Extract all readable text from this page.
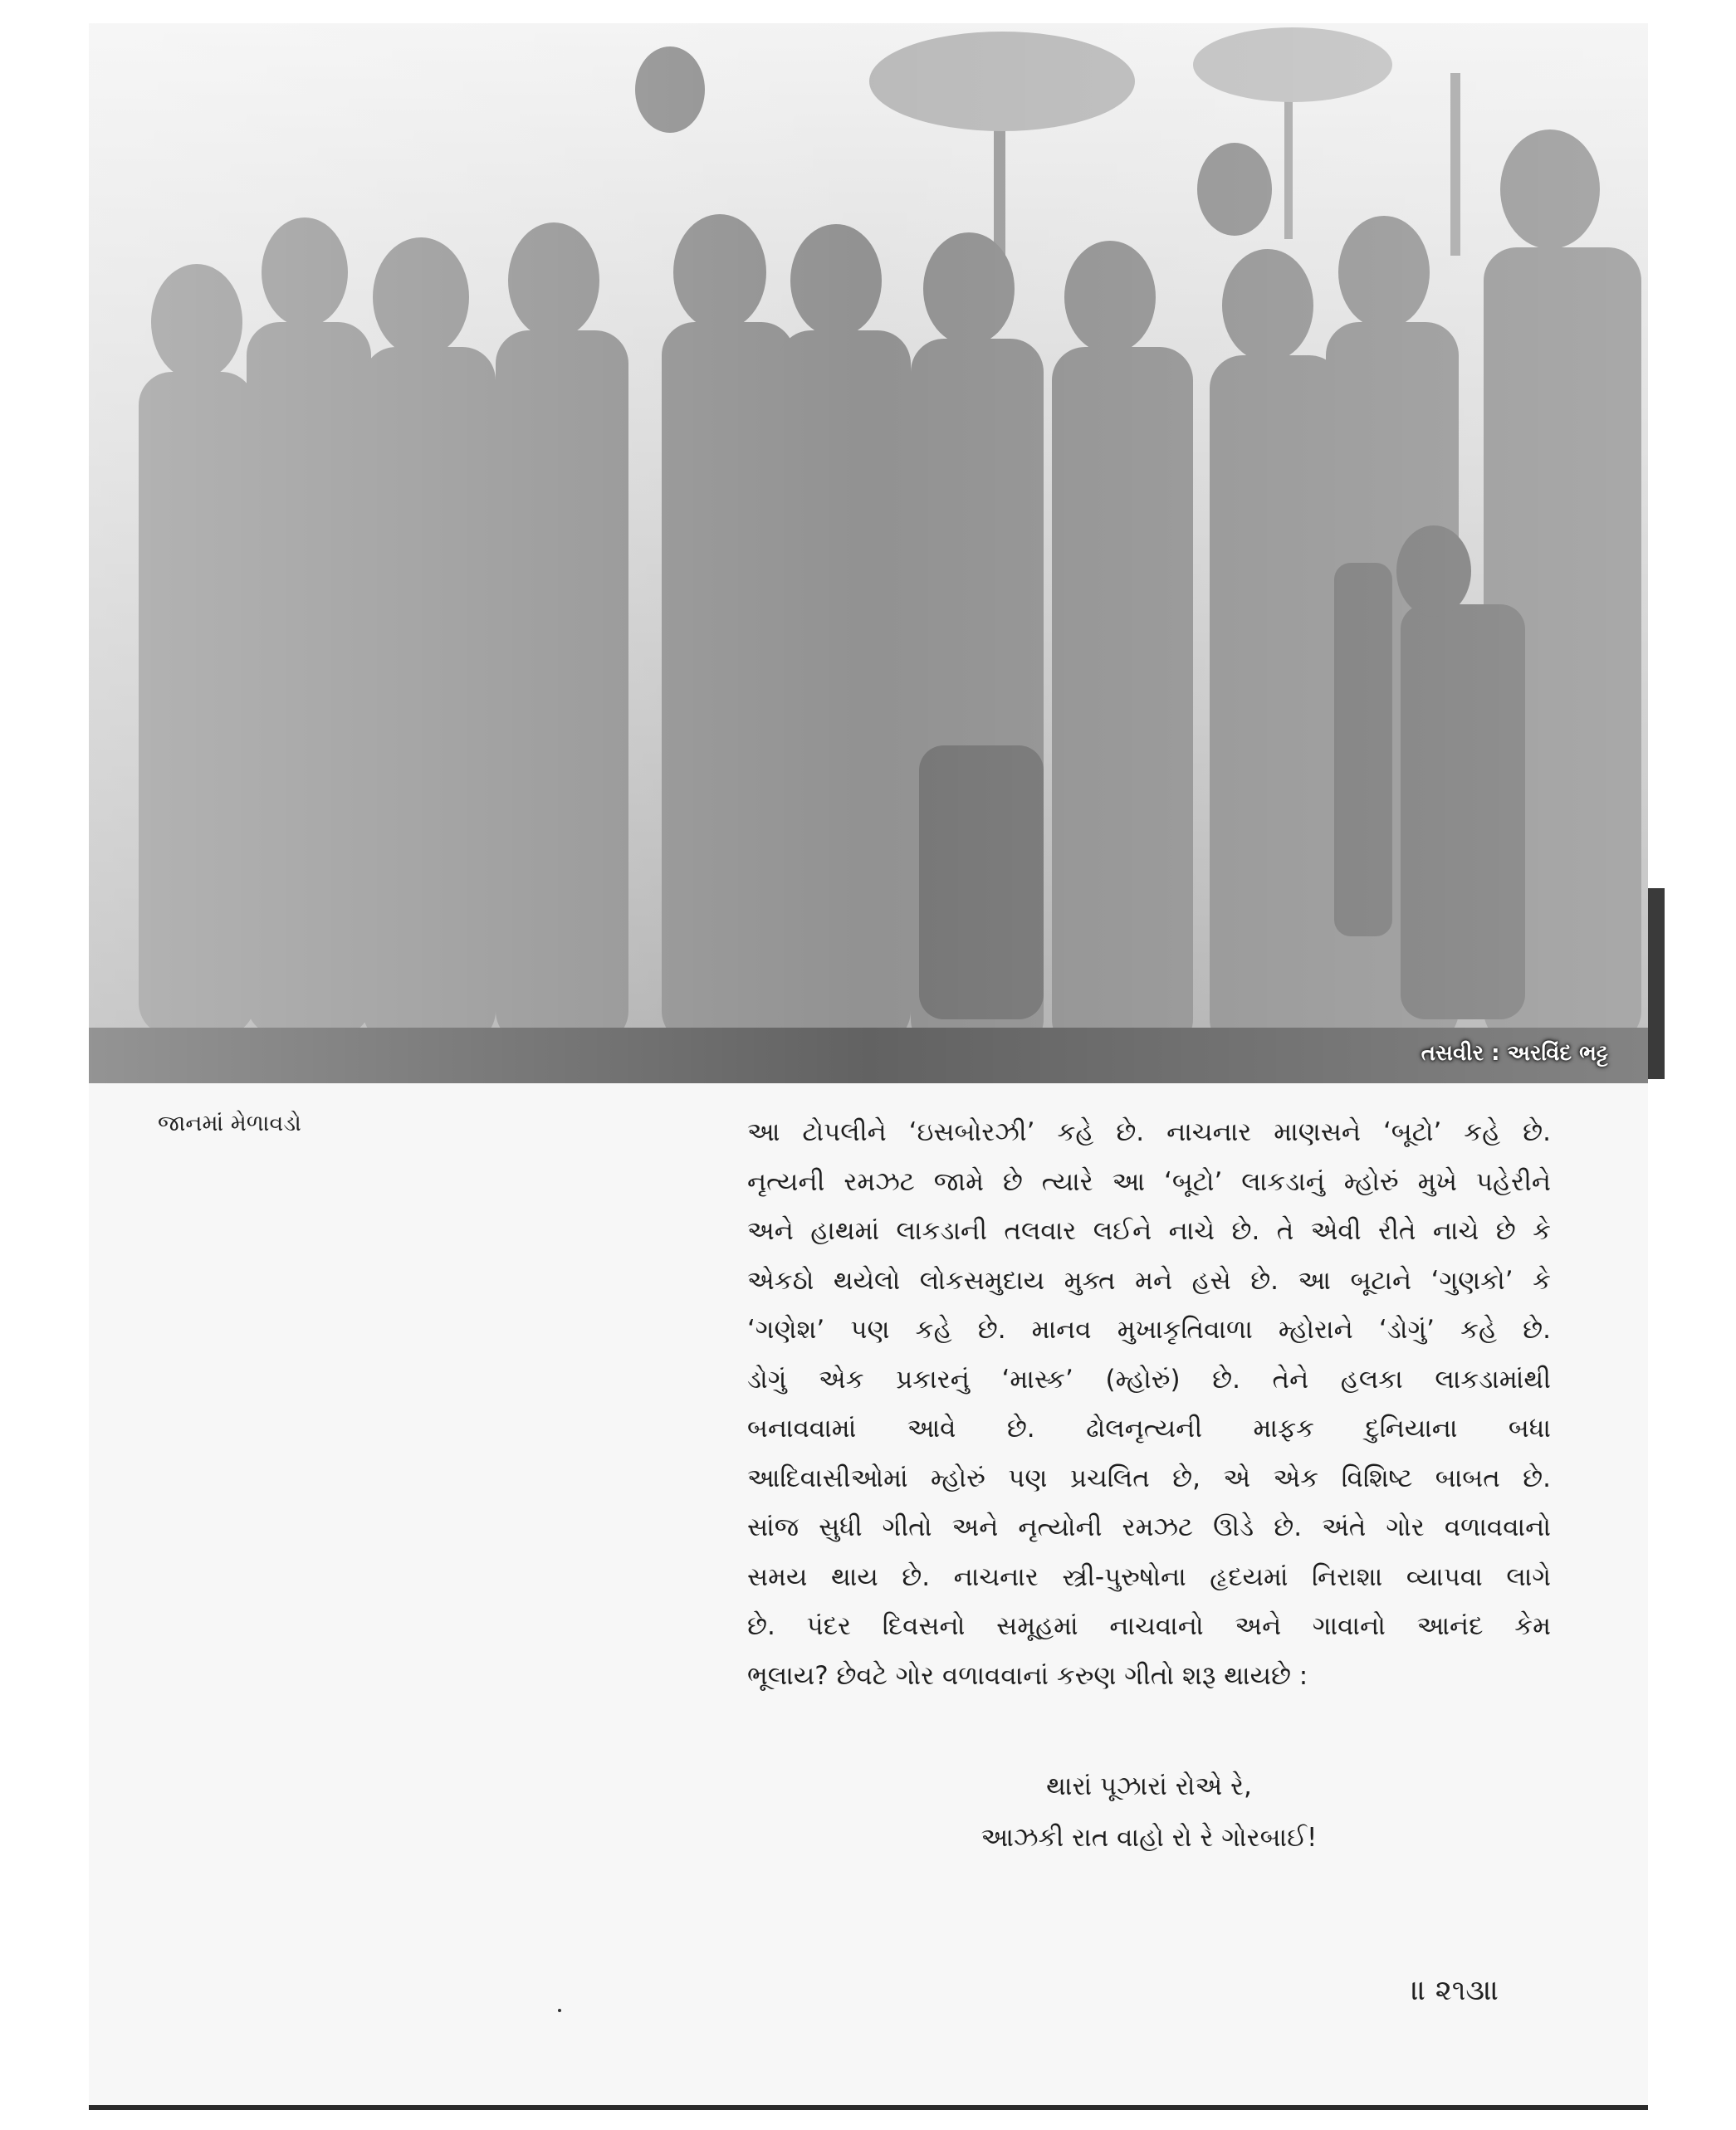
તસવીર : અરવિંદ ભટ્ટ
જાનમાં મેળાવડો	આ ટોપલીને ‘ઇસબોરઝી’ કહે છે. નાચનાર માણસને ‘બૂટો’ કહે છે.
નૃત્યની રમઝટ જામે છે ત્યારે આ ‘બૂટો’ લાકડાનું મ્હોરું મુખે પહેરીને
અને હાથમાં લાકડાની તલવાર લઈને નાચે છે. તે એવી રીતે નાચે છે કે
એકઠો થયેલો લોકસમુદાય મુક્ત મને હસે છે. આ બૂટાને ‘ગુણકો’ કે
‘ગણેશ’ પણ કહે છે. માનવ મુખાકૃતિવાળા મ્હોરાને ‘ડોગું’ કહે છે.
ડોગું એક પ્રકારનું ‘માસ્ક’ (મ્હોરું) છે. તેને હલકા લાકડામાંથી
બનાવવામાં આવે છે. ઢોલનૃત્યની માફક દુનિયાના બધા
આદિવાસીઓમાં મ્હોરું પણ પ્રચલિત છે, એ એક વિશિષ્ટ બાબત છે.
સાંજ સુધી ગીતો અને નૃત્યોની રમઝટ ઊડે છે. અંતે ગોર વળાવવાનો
સમય થાય છે. નાચનાર સ્ત્રી-પુરુષોના હૃદયમાં નિરાશા વ્યાપવા લાગે
છે. પંદર દિવસનો સમૂહમાં નાચવાનો અને ગાવાનો આનંદ કેમ
ભૂલાય? છેવટે ગોર વળાવવાનાં કરુણ ગીતો શરૂ થાયછે :
થારાં પૂઝારાં રોએ રે,
આઝકી રાત વાહો રો રે ગોરબાઈ!
॥ ૨૧૩॥
